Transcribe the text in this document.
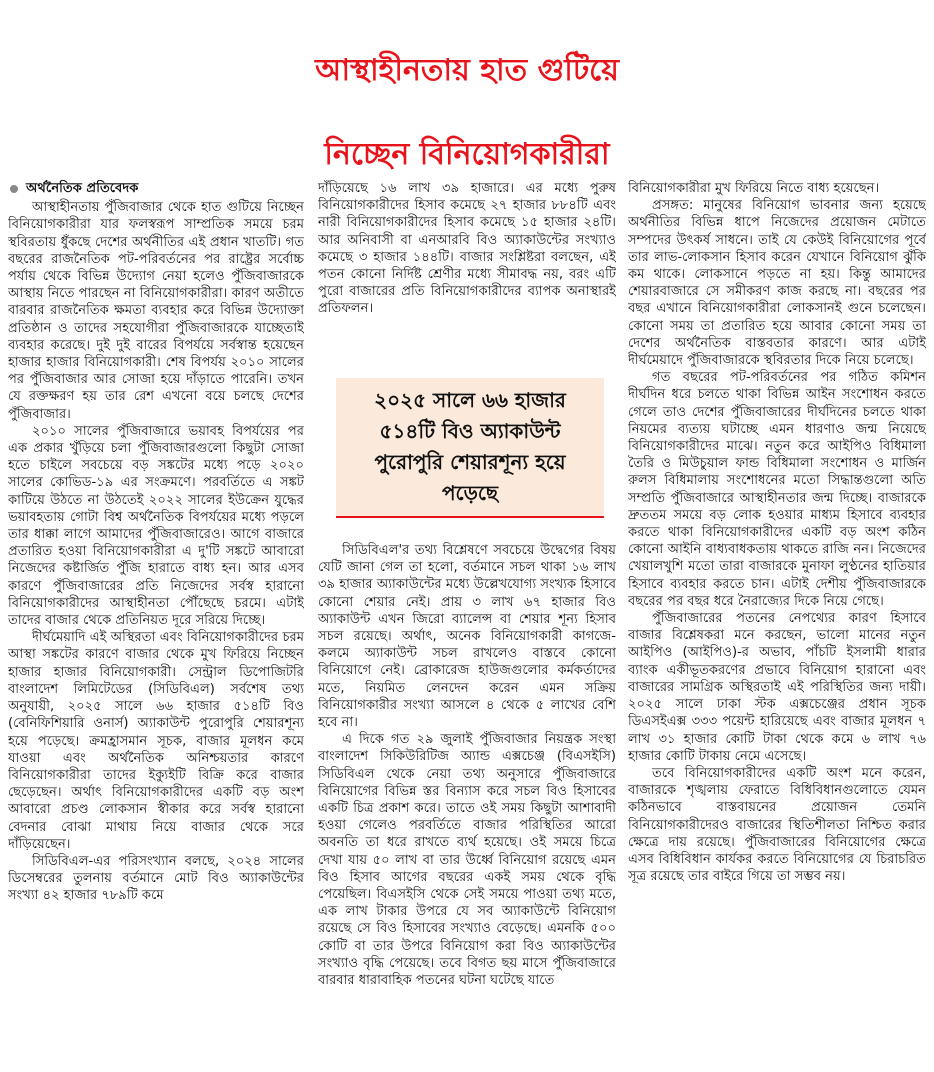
আস্থাহীনতায় হাত গুটিয়ে
নিচ্ছেন বিনিয়োগকারীরা
অর্থনৈতিক প্রতিবেদক

আস্থাহীনতায় পুঁজিবাজার থেকে হাত গুটিয়ে নিচ্ছেন বিনিয়োগকারীরা যার ফলস্বরূপ সাম্প্রতিক সময়ে চরম স্থবিরতায় ধুঁকছে দেশের অর্থনীতির এই প্রধান খাতটি। গত বছরের রাজনৈতিক পট-পরিবর্তনের পর রাষ্ট্রের সর্বোচ্চ পর্যায় থেকে বিভিন্ন উদ্যোগ নেয়া হলেও পুঁজিবাজারকে আস্থায় নিতে পারছেন না বিনিয়োগকারীরা। কারণ অতীতে বারবার রাজনৈতিক ক্ষমতা ব্যবহার করে বিভিন্ন উদ্যোক্তা প্রতিষ্ঠান ও তাদের সহযোগীরা পুঁজিবাজারকে যাচ্ছেতাই ব্যবহার করেছে। দুই দুই বারের বিপর্যয়ে সর্বস্বান্ত হয়েছেন হাজার হাজার বিনিয়োগকারী। শেষ বিপর্যয় ২০১০ সালের পর পুঁজিবাজার আর সোজা হয়ে দাঁড়াতে পারেনি। তখন যে রক্তক্ষরণ হয় তার রেশ এখনো বয়ে চলছে দেশের পুঁজিবাজার।

২০১০ সালের পুঁজিবাজারে ভয়াবহ বিপর্যয়ের পর এক প্রকার খুঁড়িয়ে চলা পুঁজিবাজারগুলো কিছুটা সোজা হতে চাইলে সবচেয়ে বড় সঙ্কটের মধ্যে পড়ে ২০২০ সালের কোভিড-১৯ এর সংক্রমণে। পরবর্তিতে এ সঙ্কট কাটিয়ে উঠতে না উঠতেই ২০২২ সালের ইউক্রেন যুদ্ধের ভয়াবহতায় গোটা বিশ্ব অর্থনৈতিক বিপর্যয়ের মধ্যে পড়লে তার ধাক্কা লাগে আমাদের পুঁজিবাজারেও। আগে বাজারে প্রতারিত হওয়া বিনিয়োগকারীরা এ দু'টি সঙ্কটে আবারো নিজেদের কষ্টার্জিত পুঁজি হারাতে বাধ্য হন। আর এসব কারণে পুঁজিবাজারের প্রতি নিজেদের সর্বস্ব হারানো বিনিয়োগকারীদের আস্থাহীনতা পৌঁছেছে চরমে। এটাই তাদের বাজার থেকে প্রতিনিয়ত দূরে সরিয়ে দিচ্ছে।

দীর্ঘমেয়াদি এই অস্থিরতা এবং বিনিয়োগকারীদের চরম আস্থা সঙ্কটের কারণে বাজার থেকে মুখ ফিরিয়ে নিচ্ছেন হাজার হাজার বিনিয়োগকারী। সেন্ট্রাল ডিপোজিটরি বাংলাদেশ লিমিটেডের (সিডিবিএল) সর্বশেষ তথ্য অনুযায়ী, ২০২৫ সালে ৬৬ হাজার ৫১৪টি বিও (বেনিফিশিয়ারি ওনার্স) অ্যাকাউন্ট পুরোপুরি শেয়ারশূন্য হয়ে পড়েছে। ক্রমহ্রাসমান সূচক, বাজার মূলধন কমে যাওয়া এবং অর্থনৈতিক অনিশ্চয়তার কারণে বিনিয়োগকারীরা তাদের ইক্যুইটি বিক্রি করে বাজার ছেড়েছেন। অর্থাৎ বিনিয়োগকারীদের একটি বড় অংশ আবারো প্রচণ্ড লোকসান স্বীকার করে সর্বস্ব হারানো বেদনার বোঝা মাথায় নিয়ে বাজার থেকে সরে দাঁড়িয়েছেন।

সিডিবিএল-এর পরিসংখ্যান বলছে, ২০২৪ সালের ডিসেম্বরের তুলনায় বর্তমানে মোট বিও অ্যাকাউন্টের সংখ্যা ৪২ হাজার ৭৮৯টি কমে

দাঁড়িয়েছে ১৬ লাখ ৩৯ হাজারে। এর মধ্যে পুরুষ বিনিয়োগকারীদের হিসাব কমেছে ২৭ হাজার ৮৮৪টি এবং নারী বিনিয়োগকারীদের হিসাব কমেছে ১৫ হাজার ২৪টি। আর অনিবাসী বা এনআরবি বিও অ্যাকাউন্টের সংখ্যাও কমেছে ৩ হাজার ১৪৪টি। বাজার সংশ্লিষ্টরা বলছেন, এই পতন কোনো নির্দিষ্ট শ্রেণীর মধ্যে সীমাবদ্ধ নয়, বরং এটি পুরো বাজারের প্রতি বিনিয়োগকারীদের ব্যাপক অনাস্থারই প্রতিফলন।

২০২৫ সালে ৬৬ হাজার ৫১৪টি বিও অ্যাকাউন্ট পুরোপুরি শেয়ারশূন্য হয়ে পড়েছে

সিডিবিএল'র তথ্য বিশ্লেষণে সবচেয়ে উদ্বেগের বিষয় যেটি জানা গেল তা হলো, বর্তমানে সচল থাকা ১৬ লাখ ৩৯ হাজার অ্যাকাউন্টের মধ্যে উল্লেখযোগ্য সংখ্যক হিসাবে কোনো শেয়ার নেই। প্রায় ৩ লাখ ৬৭ হাজার বিও অ্যাকাউন্ট এখন জিরো ব্যালেন্স বা শেয়ার শূন্য হিসাব সচল রয়েছে। অর্থাৎ, অনেক বিনিয়োগকারী কাগজে-কলমে অ্যাকাউন্ট সচল রাখলেও বাস্তবে কোনো বিনিয়োগে নেই। ব্রোকারেজ হাউজগুলোর কর্মকর্তাদের মতে, নিয়মিত লেনদেন করেন এমন সক্রিয় বিনিয়োগকারীর সংখ্যা আসলে ৪ থেকে ৫ লাখের বেশি হবে না।

এ দিকে গত ২৯ জুলাই পুঁজিবাজার নিয়ন্ত্রক সংস্থা বাংলাদেশ সিকিউরিটিজ অ্যান্ড এক্সচেঞ্জ (বিএসইসি) সিডিবিএল থেকে নেয়া তথ্য অনুসারে পুঁজিবাজারে বিনিয়োগের বিভিন্ন স্তর বিন্যাস করে সচল বিও হিসাবের একটি চিত্র প্রকাশ করে। তাতে ওই সময় কিছুটা আশাবাদী হওয়া গেলেও পরবর্তিতে বাজার পরিস্থিতির আরো অবনতি তা ধরে রাখতে ব্যর্থ হয়েছে। ওই সময়ে চিত্রে দেখা যায় ৫০ লাখ বা তার উর্ধ্বে বিনিয়োগ রয়েছে এমন বিও হিসাব আগের বছরের একই সময় থেকে বৃদ্ধি পেয়েছিল। বিএসইসি থেকে সেই সময়ে পাওয়া তথ্য মতে, এক লাখ টাকার উপরে যে সব অ্যাকাউন্টে বিনিয়োগ রয়েছে সে বিও হিসাবের সংখ্যাও বেড়েছে। এমনকি ৫০০ কোটি বা তার উপরে বিনিয়োগ করা বিও অ্যাকাউন্টের সংখ্যাও বৃদ্ধি পেয়েছে। তবে বিগত ছয় মাসে পুঁজিবাজারে বারবার ধারাবাহিক পতনের ঘটনা ঘটেছে যাতে

বিনিয়োগকারীরা মুখ ফিরিয়ে নিতে বাধ্য হয়েছেন।

প্রসঙ্গত: মানুষের বিনিয়োগ ভাবনার জন্য হয়েছে অর্থনীতির বিভিন্ন ধাপে নিজেদের প্রয়োজন মেটাতে সম্পদের উৎকর্ষ সাধনে। তাই যে কেউই বিনিয়োগের পূর্বে তার লাভ-লোকসান হিসাব করেন যেখানে বিনিয়োগ ঝুঁকি কম থাকে। লোকসানে পড়তে না হয়। কিন্তু আমাদের শেয়ারবাজারে সে সমীকরণ কাজ করছে না। বছরের পর বছর এখানে বিনিয়োগকারীরা লোকসানই গুনে চলেছেন। কোনো সময় তা প্রতারিত হয়ে আবার কোনো সময় তা দেশের অর্থনৈতিক বাস্তবতার কারণে। আর এটাই দীর্ঘমেয়াদে পুঁজিবাজারকে স্থবিরতার দিকে নিয়ে চলেছে।

গত বছরের পট-পরিবর্তনের পর গঠিত কমিশন দীর্ঘদিন ধরে চলতে থাকা বিভিন্ন আইন সংশোধন করতে গেলে তাও দেশের পুঁজিবাজারের দীর্ঘদিনের চলতে থাকা নিয়মের ব্যত্যয় ঘটাচ্ছে এমন ধারণাও জন্ম নিয়েছে বিনিয়োগকারীদের মাঝে। নতুন করে আইপিও বিধিমালা তৈরি ও মিউচুয়াল ফান্ড বিধিমালা সংশোধন ও মার্জিন রুলস বিধিমালায় সংশোধনের মতো সিদ্ধান্তগুলো অতি সম্প্রতি পুঁজিবাজারে আস্থাহীনতার জন্ম দিচ্ছে। বাজারকে দ্রুততম সময়ে বড় লোক হওয়ার মাধ্যম হিসাবে ব্যবহার করতে থাকা বিনিয়োগকারীদের একটি বড় অংশ কঠিন কোনো আইনি বাধ্যবাধকতায় থাকতে রাজি নন। নিজেদের খেয়ালখুশি মতো তারা বাজারকে মুনাফা লুণ্ঠনের হাতিয়ার হিসাবে ব্যবহার করতে চান। এটাই দেশীয় পুঁজিবাজারকে বছরের পর বছর ধরে নৈরাজ্যের দিকে নিয়ে গেছে।

পুঁজিবাজারের পতনের নেপথ্যের কারণ হিসাবে বাজার বিশ্লেষকরা মনে করছেন, ভালো মানের নতুন আইপিও (আইপিও)-র অভাব, পাঁচটি ইসলামী ধারার ব্যাংক একীভূতকরণের প্রভাবে বিনিয়োগ হারানো এবং বাজারের সামগ্রিক অস্থিরতাই এই পরিস্থিতির জন্য দায়ী। ২০২৫ সালে ঢাকা স্টক এক্সচেঞ্জের প্রধান সূচক ডিএসইএক্স ৩৩৩ পয়েন্ট হারিয়েছে এবং বাজার মূলধন ৭ লাখ ৩১ হাজার কোটি টাকা থেকে কমে ৬ লাখ ৭৬ হাজার কোটি টাকায় নেমে এসেছে।

তবে বিনিয়োগকারীদের একটি অংশ মনে করেন, বাজারকে শৃঙ্খলায় ফেরাতে বিধিবিধানগুলোতে যেমন কঠিনভাবে বাস্তবায়নের প্রয়োজন তেমনি বিনিয়োগকারীদেরও বাজারের স্থিতিশীলতা নিশ্চিত করার ক্ষেত্রে দায় রয়েছে। পুঁজিবাজারের বিনিয়োগের ক্ষেত্রে এসব বিধিবিধান কার্যকর করতে বিনিয়োগের যে চিরাচরিত সূত্র রয়েছে তার বাইরে গিয়ে তা সম্ভব নয়।
